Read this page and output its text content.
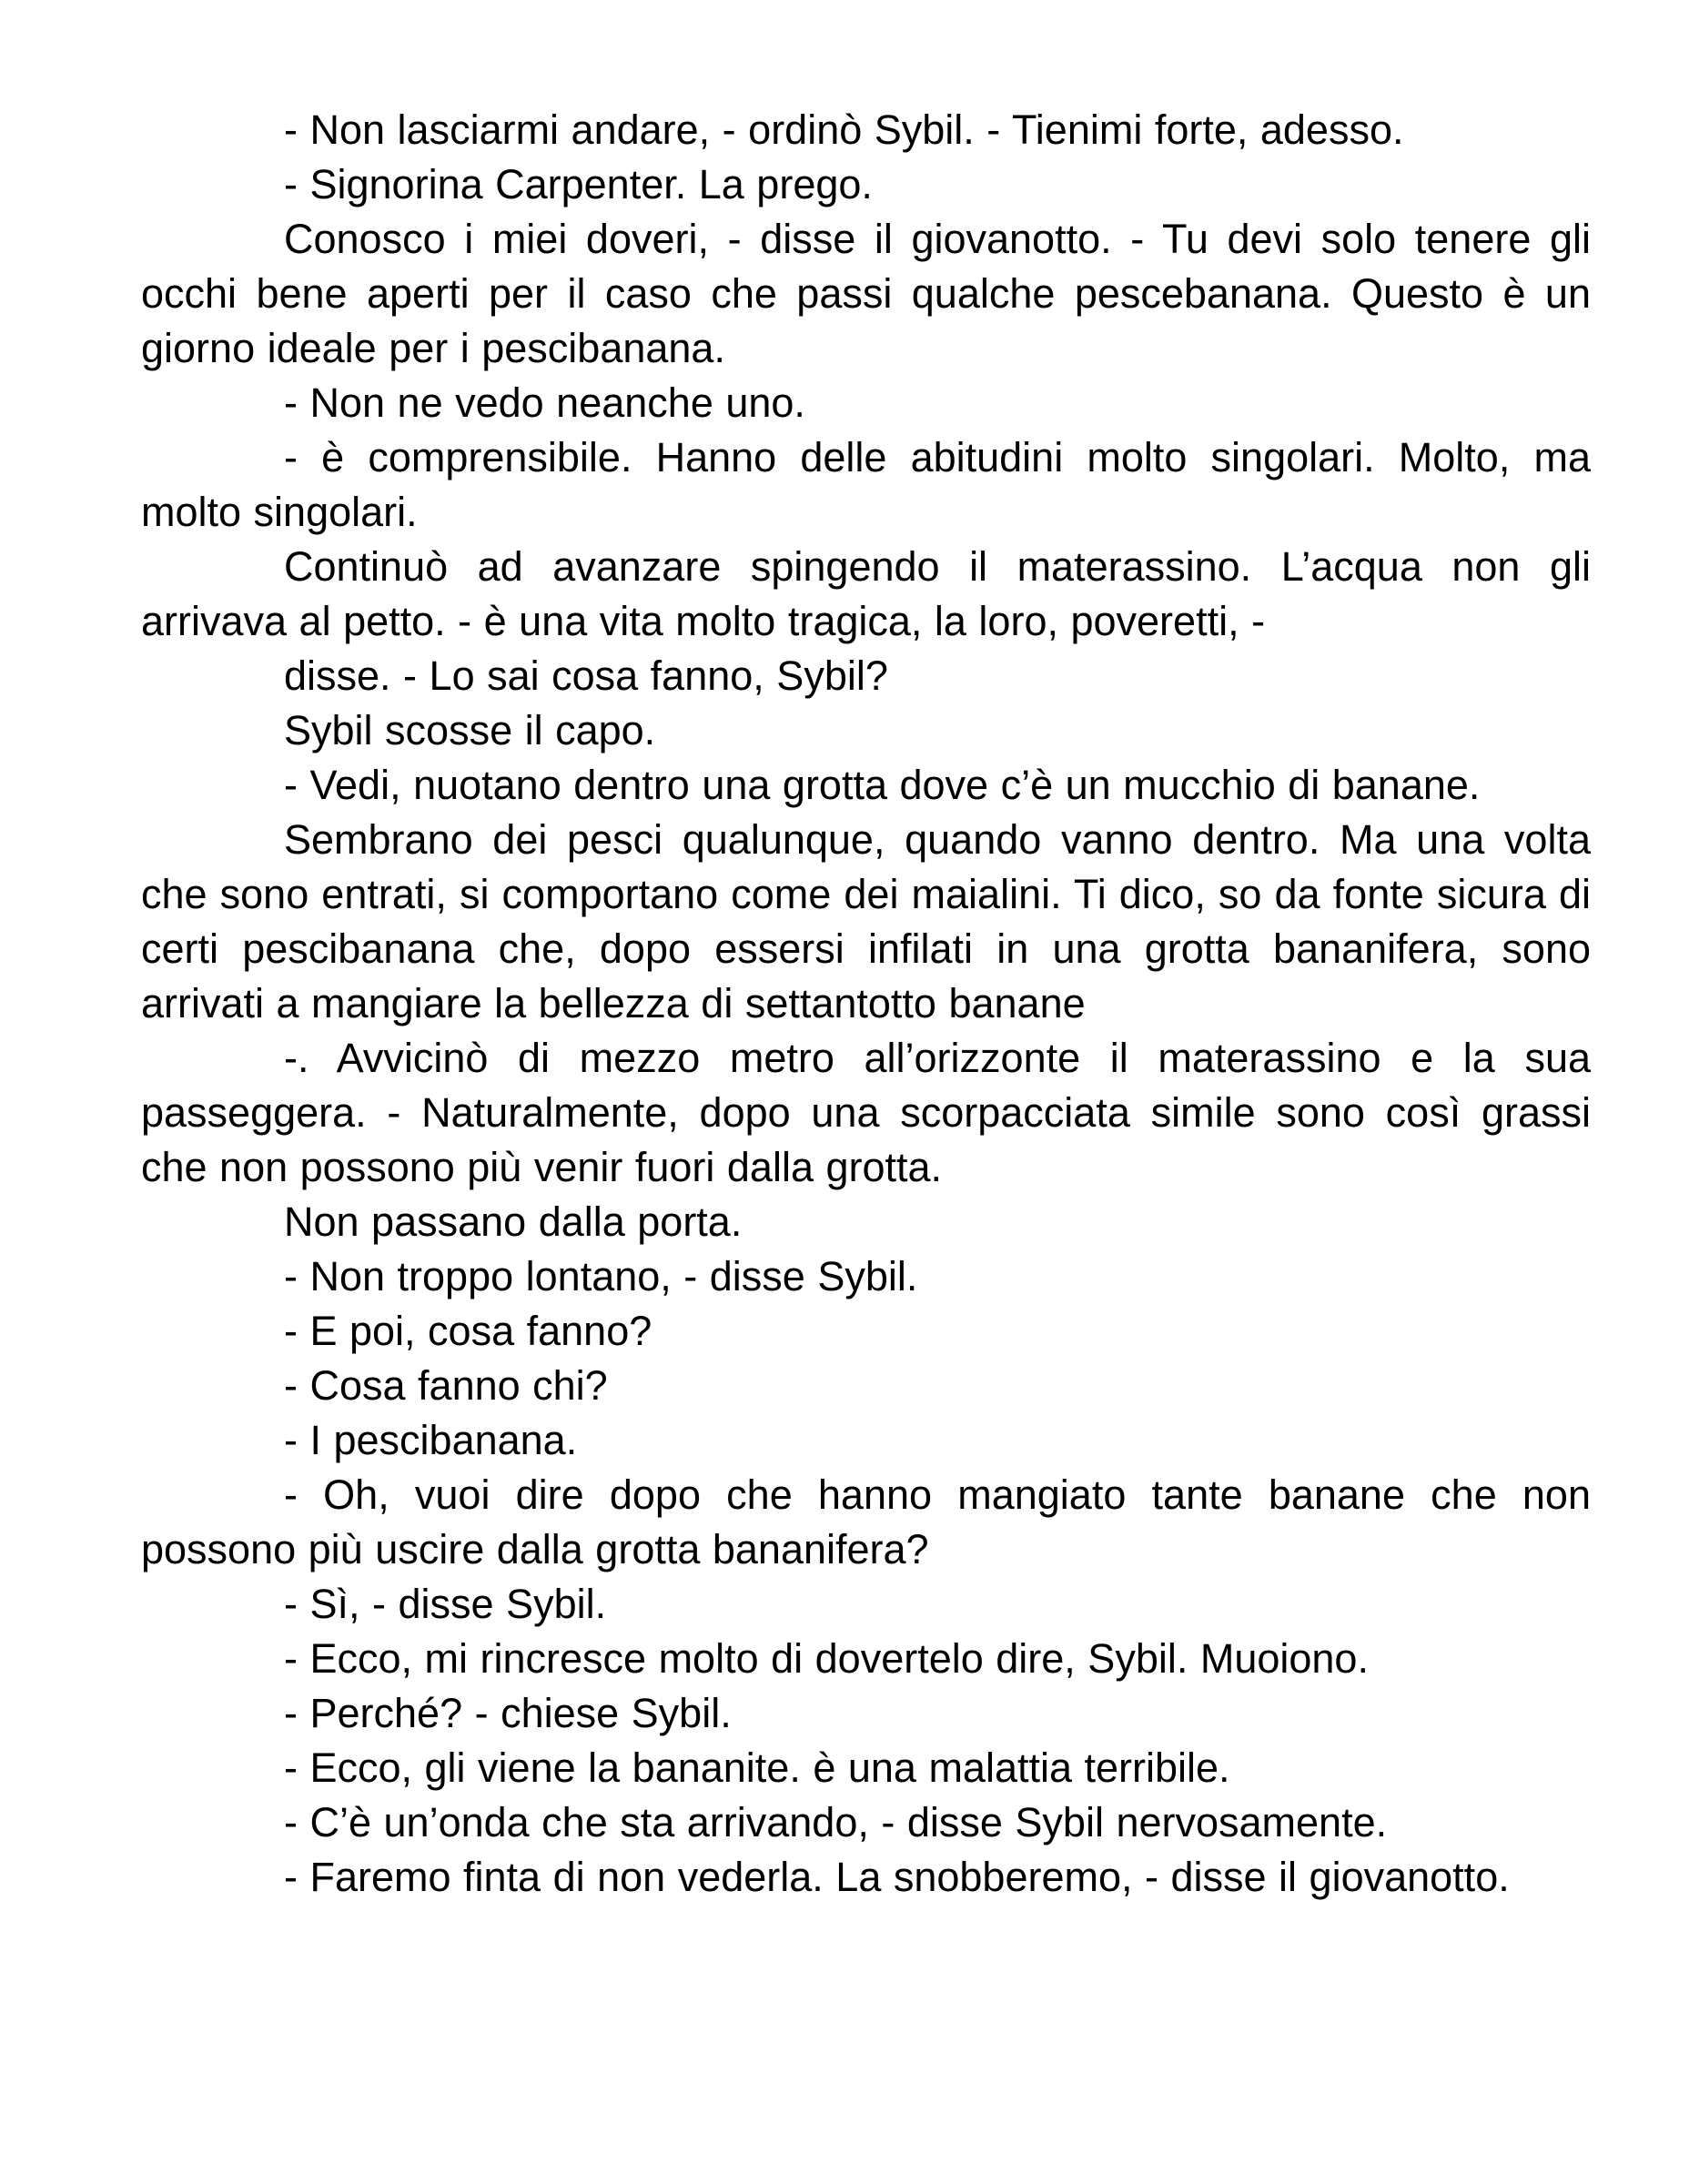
- Non lasciarmi andare, - ordinò Sybil. - Tienimi forte, adesso.

- Signorina Carpenter. La prego.

Conosco i miei doveri, - disse il giovanotto. - Tu devi solo tenere gli occhi bene aperti per il caso che passi qualche pescebanana. Questo è un giorno ideale per i pescibanana.

- Non ne vedo neanche uno.

- è comprensibile. Hanno delle abitudini molto singolari. Molto, ma molto singolari.

Continuò ad avanzare spingendo il materassino. L’acqua non gli arrivava al petto. - è una vita molto tragica, la loro, poveretti, -

disse. - Lo sai cosa fanno, Sybil?

Sybil scosse il capo.

- Vedi, nuotano dentro una grotta dove c’è un mucchio di banane.

Sembrano dei pesci qualunque, quando vanno dentro. Ma una volta che sono entrati, si comportano come dei maialini. Ti dico, so da fonte sicura di certi pescibanana che, dopo essersi infilati in una grotta bananifera, sono arrivati a mangiare la bellezza di settantotto banane

-. Avvicinò di mezzo metro all’orizzonte il materassino e la sua passeggera. - Naturalmente, dopo una scorpacciata simile sono così grassi che non possono più venir fuori dalla grotta.

Non passano dalla porta.

- Non troppo lontano, - disse Sybil.

- E poi, cosa fanno?

- Cosa fanno chi?

- I pescibanana.

- Oh, vuoi dire dopo che hanno mangiato tante banane che non possono più uscire dalla grotta bananifera?

- Sì, - disse Sybil.

- Ecco, mi rincresce molto di dovertelo dire, Sybil. Muoiono.

- Perché? - chiese Sybil.

- Ecco, gli viene la bananite. è una malattia terribile.

- C’è un’onda che sta arrivando, - disse Sybil nervosamente.

- Faremo finta di non vederla. La snobberemo, - disse il giovanotto.
